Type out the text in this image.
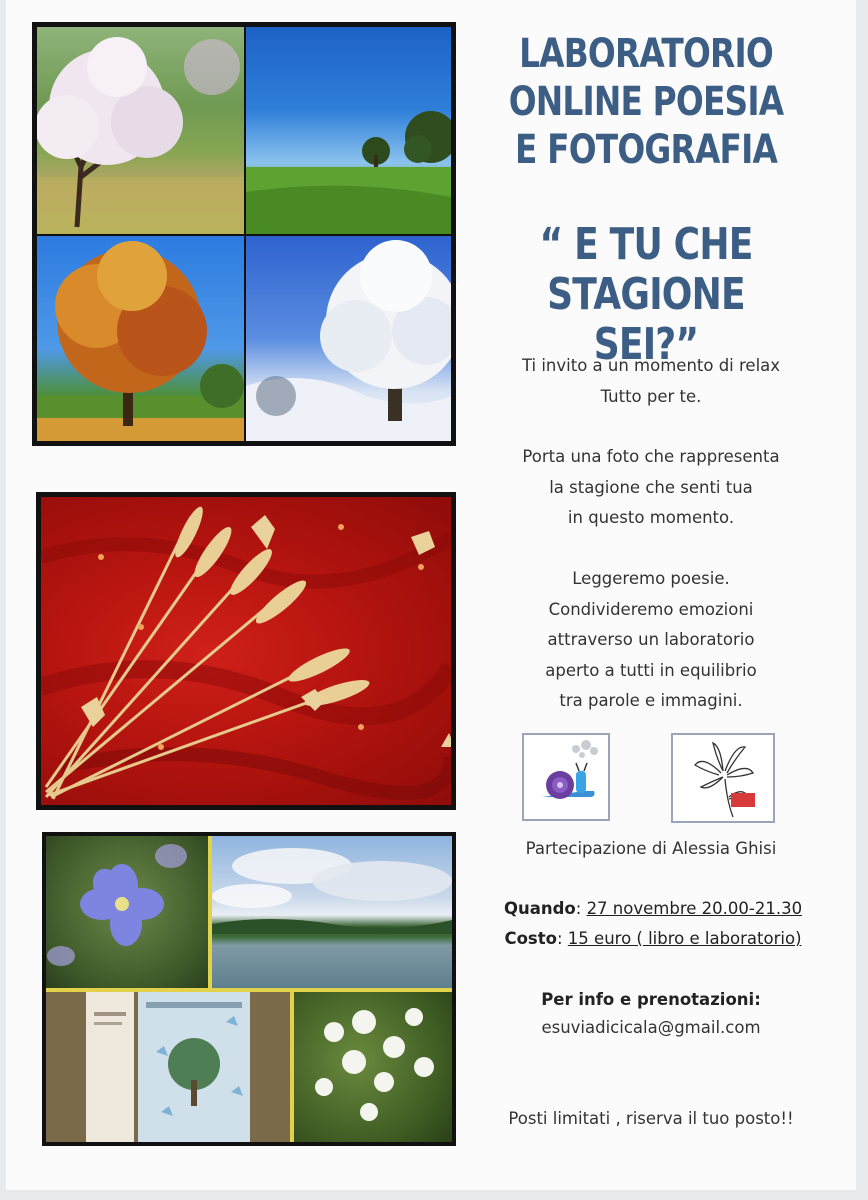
LABORATORIO
ONLINE POESIA
E FOTOGRAFIA
“ E TU CHE
STAGIONE SEI?”
Ti invito a un momento di relax
Tutto per te.
Porta una foto che rappresenta
la stagione che senti tua
in questo momento.
Leggeremo poesie.
Condivideremo emozioni
attraverso un laboratorio
aperto a tutti in equilibrio
tra parole e immagini.
Partecipazione di Alessia Ghisi
Quando: 27 novembre 20.00-21.30
Costo: 15 euro ( libro e laboratorio)
Per info e prenotazioni:
esuviadicicala@gmail.com
Posti limitati , riserva il tuo posto!!
